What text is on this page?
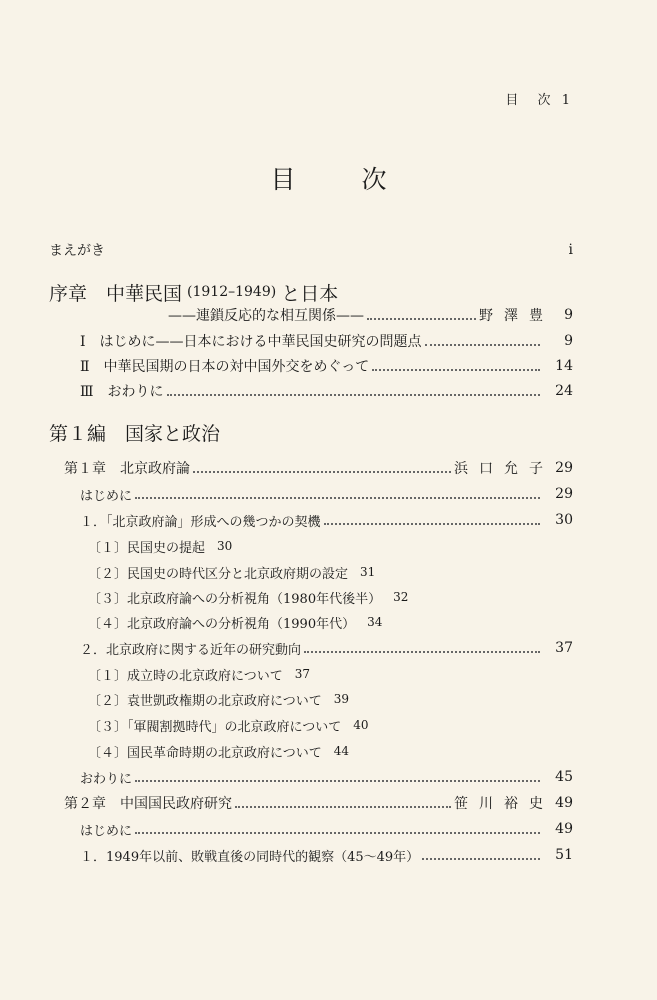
目 次 1
目	次
まえがき	i
序章　中華民国 (1912–1949) と日本
——連鎖反応的な相互関係——	野澤豊 9
Ⅰ　はじめに——日本における中華民国史研究の問題点	9
Ⅱ　中華民国期の日本の対中国外交をめぐって	14
Ⅲ　おわりに	24
第１編　国家と政治
第１章　北京政府論	浜口允子 29
はじめに	29
１．「北京政府論」形成への幾つかの契機	30
〔１〕民国史の提起 30
〔２〕民国史の時代区分と北京政府期の設定 31
〔３〕北京政府論への分析視角（1980年代後半） 32
〔４〕北京政府論への分析視角（1990年代） 34
２．北京政府に関する近年の研究動向	37
〔１〕成立時の北京政府について 37
〔２〕袁世凱政権期の北京政府について 39
〔３〕「軍閥割拠時代」の北京政府について 40
〔４〕国民革命時期の北京政府について 44
おわりに	45
第２章　中国国民政府研究	笹川裕史 49
はじめに	49
１．1949年以前、敗戦直後の同時代的観察（45〜49年）	51
